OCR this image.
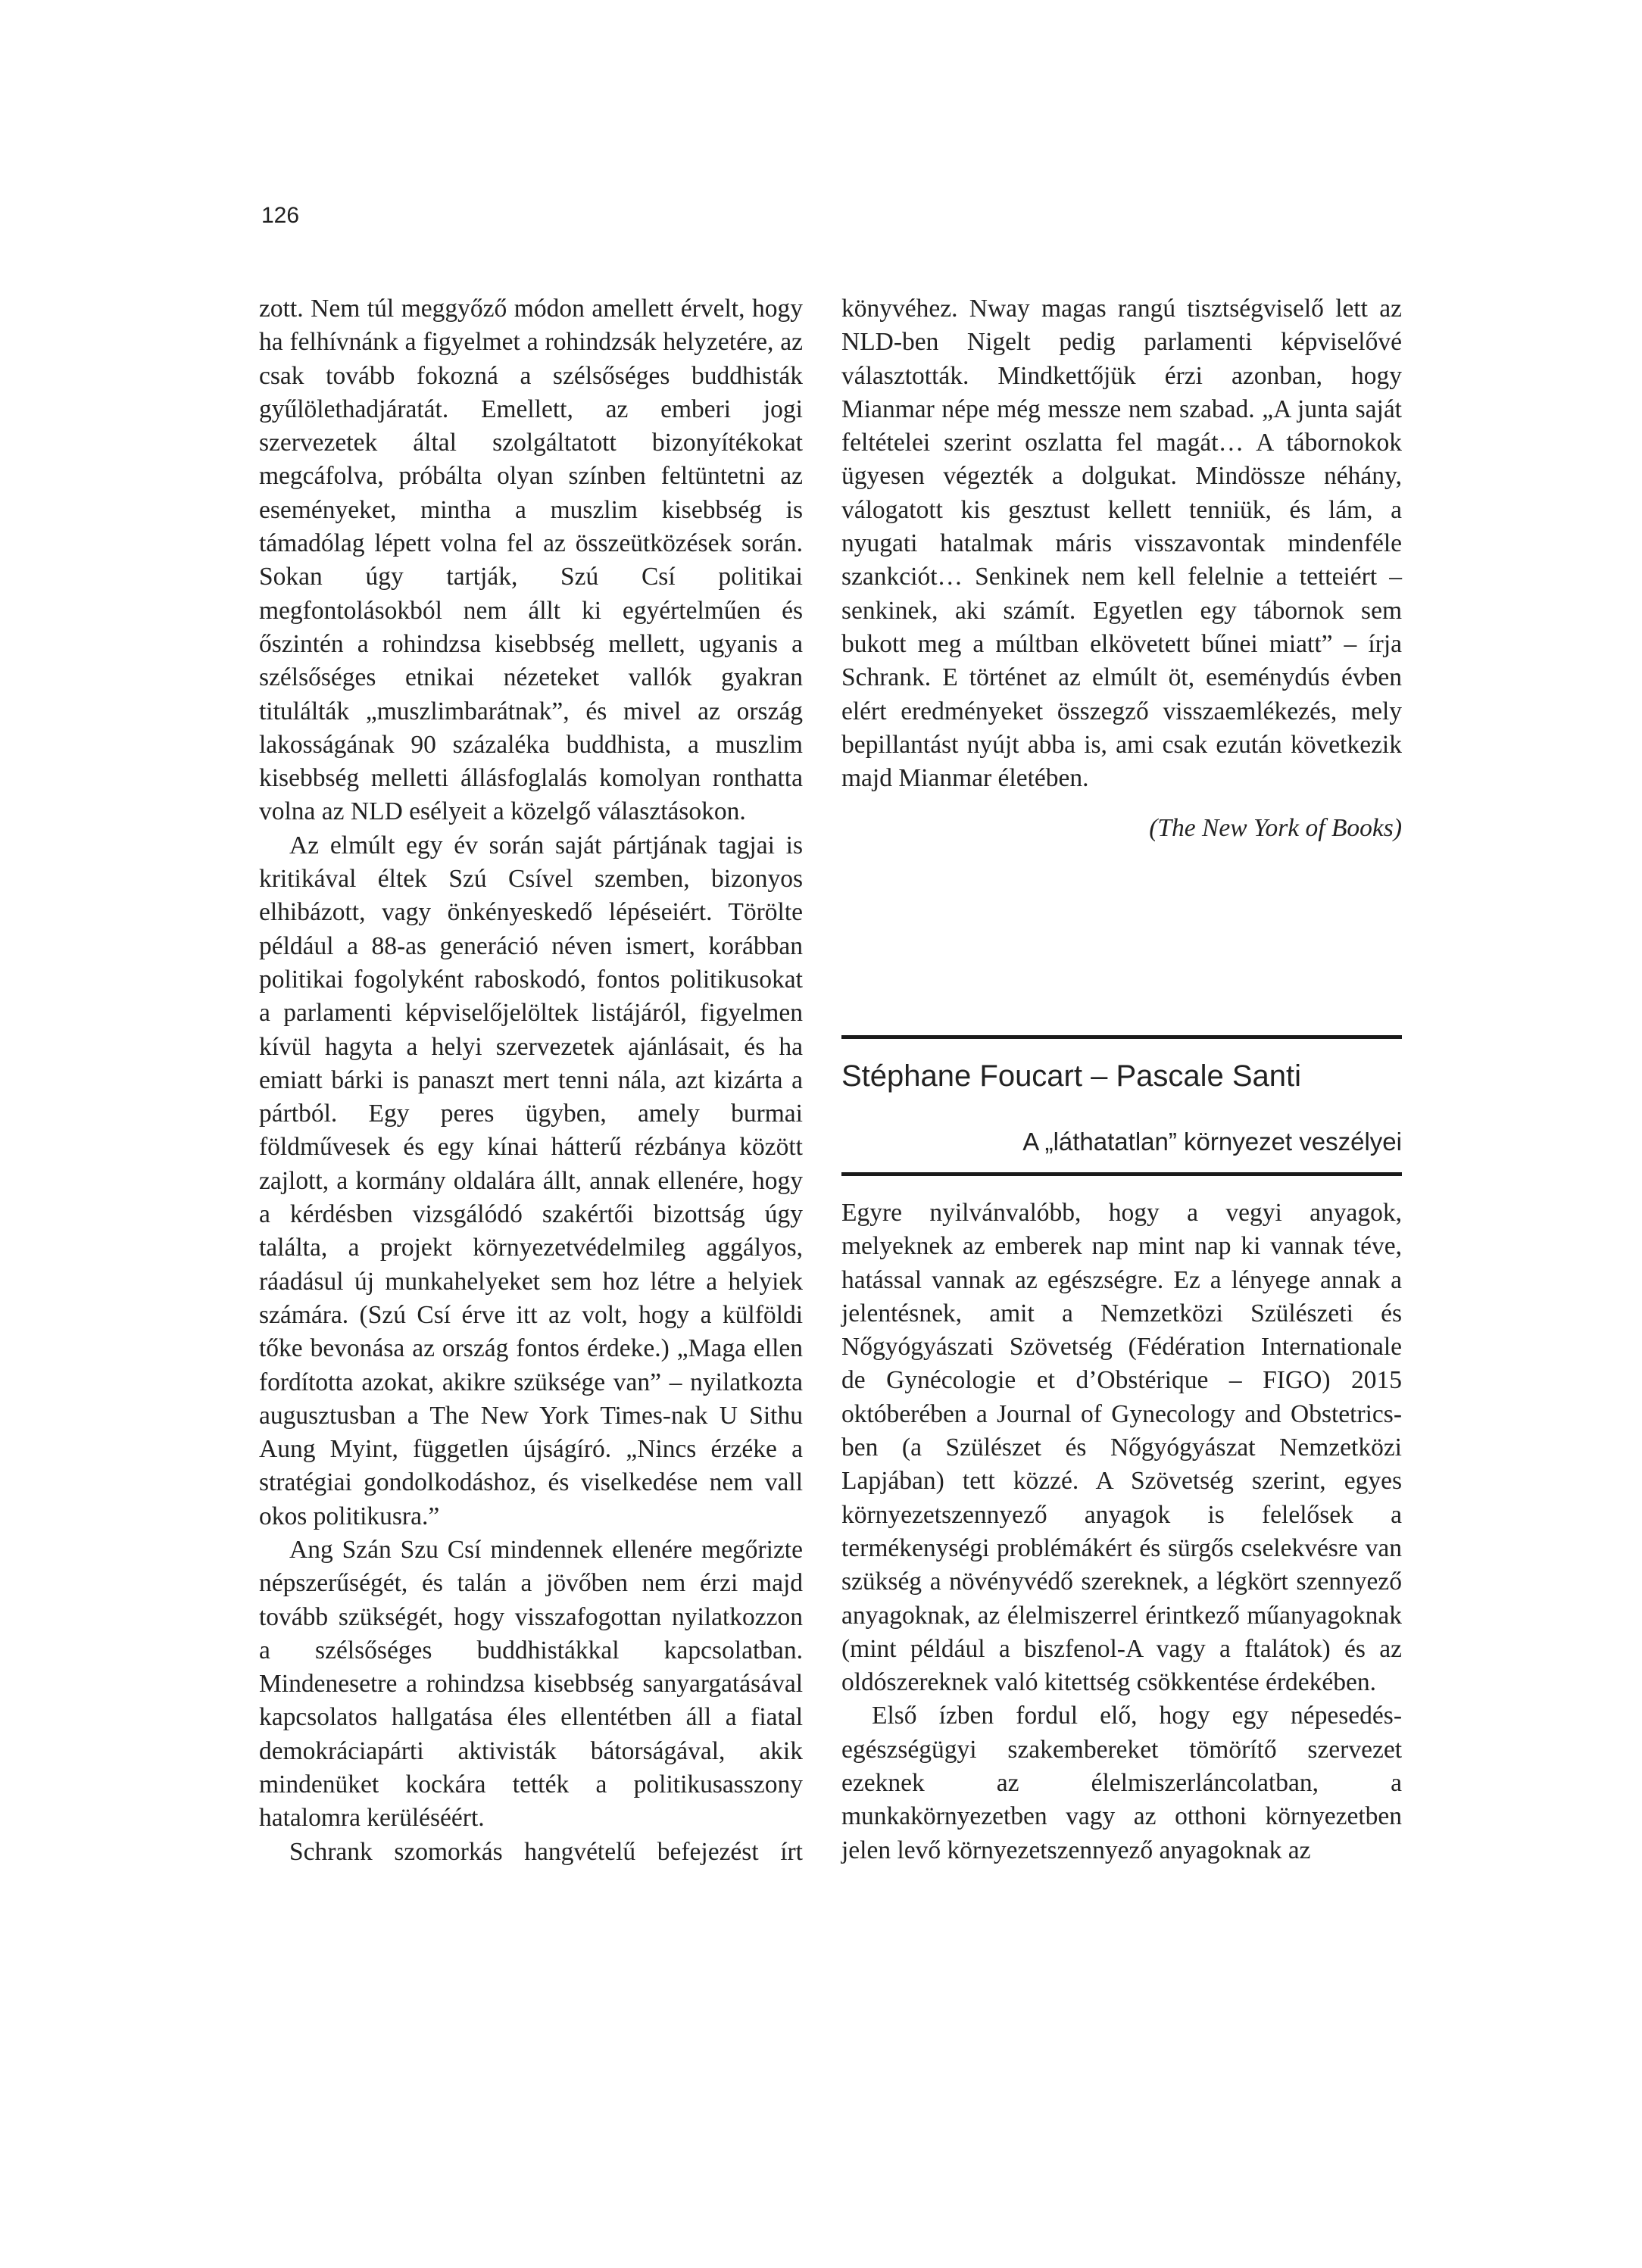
126

zott. Nem túl meggyőző módon amellett érvelt, hogy ha felhívnánk a figyelmet a rohindzsák helyzetére, az csak tovább fokozná a szélsőséges buddhisták gyűlölethadjáratát. Emellett, az emberi jogi szervezetek által szolgáltatott bizonyítékokat megcáfolva, próbálta olyan színben feltüntetni az eseményeket, mintha a muszlim kisebbség is támadólag lépett volna fel az összeütközések során. Sokan úgy tartják, Szú Csí politikai megfontolásokból nem állt ki egyértelműen és őszintén a rohindzsa kisebbség mellett, ugyanis a szélsőséges etnikai nézeteket vallók gyakran titulálták „muszlimbarátnak”, és mivel az ország lakosságának 90 százaléka buddhista, a muszlim kisebbség melletti állásfoglalás komolyan ronthatta volna az NLD esélyeit a közelgő választásokon.

Az elmúlt egy év során saját pártjának tagjai is kritikával éltek Szú Csível szemben, bizonyos elhibázott, vagy önkényeskedő lépéseiért. Törölte például a 88-as generáció néven ismert, korábban politikai fogolyként raboskodó, fontos politikusokat a parlamenti képviselőjelöltek listájáról, figyelmen kívül hagyta a helyi szervezetek ajánlásait, és ha emiatt bárki is panaszt mert tenni nála, azt kizárta a pártból. Egy peres ügyben, amely burmai földművesek és egy kínai hátterű rézbánya között zajlott, a kormány oldalára állt, annak ellenére, hogy a kérdésben vizsgálódó szakértői bizottság úgy találta, a projekt környezetvédelmileg aggályos, ráadásul új munkahelyeket sem hoz létre a helyiek számára. (Szú Csí érve itt az volt, hogy a külföldi tőke bevonása az ország fontos érdeke.) „Maga ellen fordította azokat, akikre szüksége van” – nyilatkozta augusztusban a The New York Times-nak U Sithu Aung Myint, független újságíró. „Nincs érzéke a stratégiai gondolkodáshoz, és viselkedése nem vall okos politikusra.”

Ang Szán Szu Csí mindennek ellenére megőrizte népszerűségét, és talán a jövőben nem érzi majd tovább szükségét, hogy visszafogottan nyilatkozzon a szélsőséges buddhistákkal kapcsolatban. Mindenesetre a rohindzsa kisebbség sanyargatásával kapcsolatos hallgatása éles ellentétben áll a fiatal demokráciapárti aktivisták bátorságával, akik mindenüket kockára tették a politikusasszony hatalomra kerüléséért.

Schrank szomorkás hangvételű befejezést írt

könyvéhez. Nway magas rangú tisztségviselő lett az NLD-ben Nigelt pedig parlamenti képviselővé választották. Mindkettőjük érzi azonban, hogy Mianmar népe még messze nem szabad. „A junta saját feltételei szerint oszlatta fel magát… A tábornokok ügyesen végezték a dolgukat. Mindössze néhány, válogatott kis gesztust kellett tenniük, és lám, a nyugati hatalmak máris visszavontak mindenféle szankciót… Senkinek nem kell felelnie a tetteiért – senkinek, aki számít. Egyetlen egy tábornok sem bukott meg a múltban elkövetett bűnei miatt” – írja Schrank. E történet az elmúlt öt, eseménydús évben elért eredményeket összegző visszaemlékezés, mely bepillantást nyújt abba is, ami csak ezután következik majd Mianmar életében.

(The New York of Books)
Stéphane Foucart – Pascale Santi
A „láthatatlan” környezet veszélyei

Egyre nyilvánvalóbb, hogy a vegyi anyagok, melyeknek az emberek nap mint nap ki vannak téve, hatással vannak az egészségre. Ez a lényege annak a jelentésnek, amit a Nemzetközi Szülészeti és Nőgyógyászati Szövetség (Fédération Internationale de Gynécologie et d’Obstérique – FIGO) 2015 októberében a Journal of Gynecology and Obstetrics-ben (a Szülészet és Nőgyógyászat Nemzetközi Lapjában) tett közzé. A Szövetség szerint, egyes környezetszennyező anyagok is felelősek a termékenységi problémákért és sürgős cselekvésre van szükség a növényvédő szereknek, a légkört szennyező anyagoknak, az élelmiszerrel érintkező műanyagoknak (mint például a biszfenol-A vagy a ftalátok) és az oldószereknek való kitettség csökkentése érdekében.

Első ízben fordul elő, hogy egy népesedés-egészségügyi szakembereket tömörítő szervezet ezeknek az élelmiszerláncolatban, a munkakörnyezetben vagy az otthoni környezetben jelen levő környezetszennyező anyagoknak az
